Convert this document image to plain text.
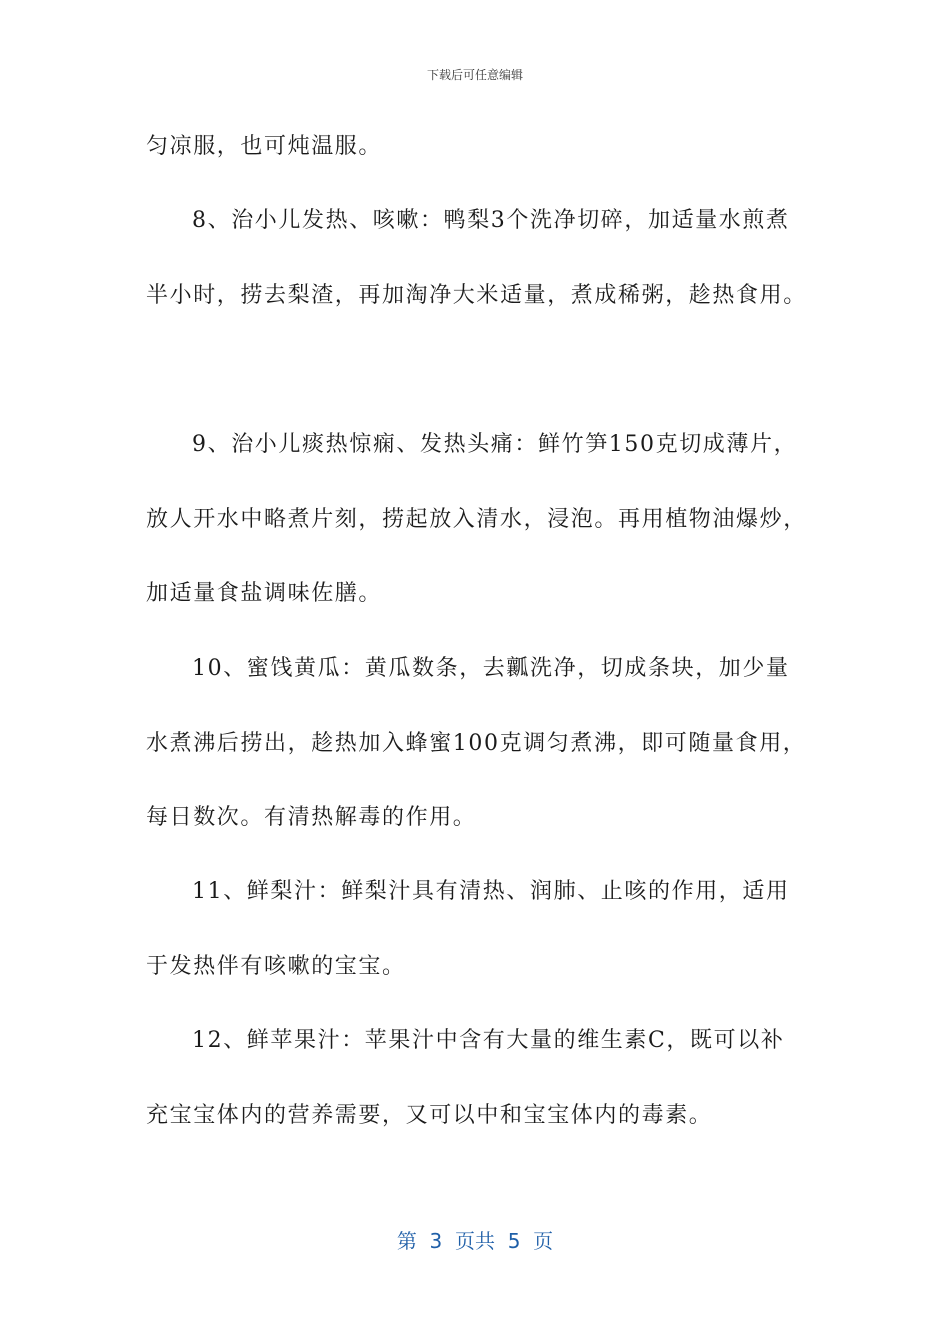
下载后可任意编辑
匀凉服，也可炖温服。
8、治小儿发热、咳嗽：鸭梨3个洗净切碎，加适量水煎煮
半小时，捞去梨渣，再加淘净大米适量，煮成稀粥，趁热食用。
9、治小儿痰热惊痫、发热头痛：鲜竹笋150克切成薄片，
放人开水中略煮片刻，捞起放入清水，浸泡。再用植物油爆炒，
加适量食盐调味佐膳。
10、蜜饯黄瓜：黄瓜数条，去瓤洗净，切成条块，加少量
水煮沸后捞出，趁热加入蜂蜜100克调匀煮沸，即可随量食用，
每日数次。有清热解毒的作用。
11、鲜梨汁：鲜梨汁具有清热、润肺、止咳的作用，适用
于发热伴有咳嗽的宝宝。
12、鲜苹果汁：苹果汁中含有大量的维生素C，既可以补
充宝宝体内的营养需要，又可以中和宝宝体内的毒素。
第  3  页共  5  页
